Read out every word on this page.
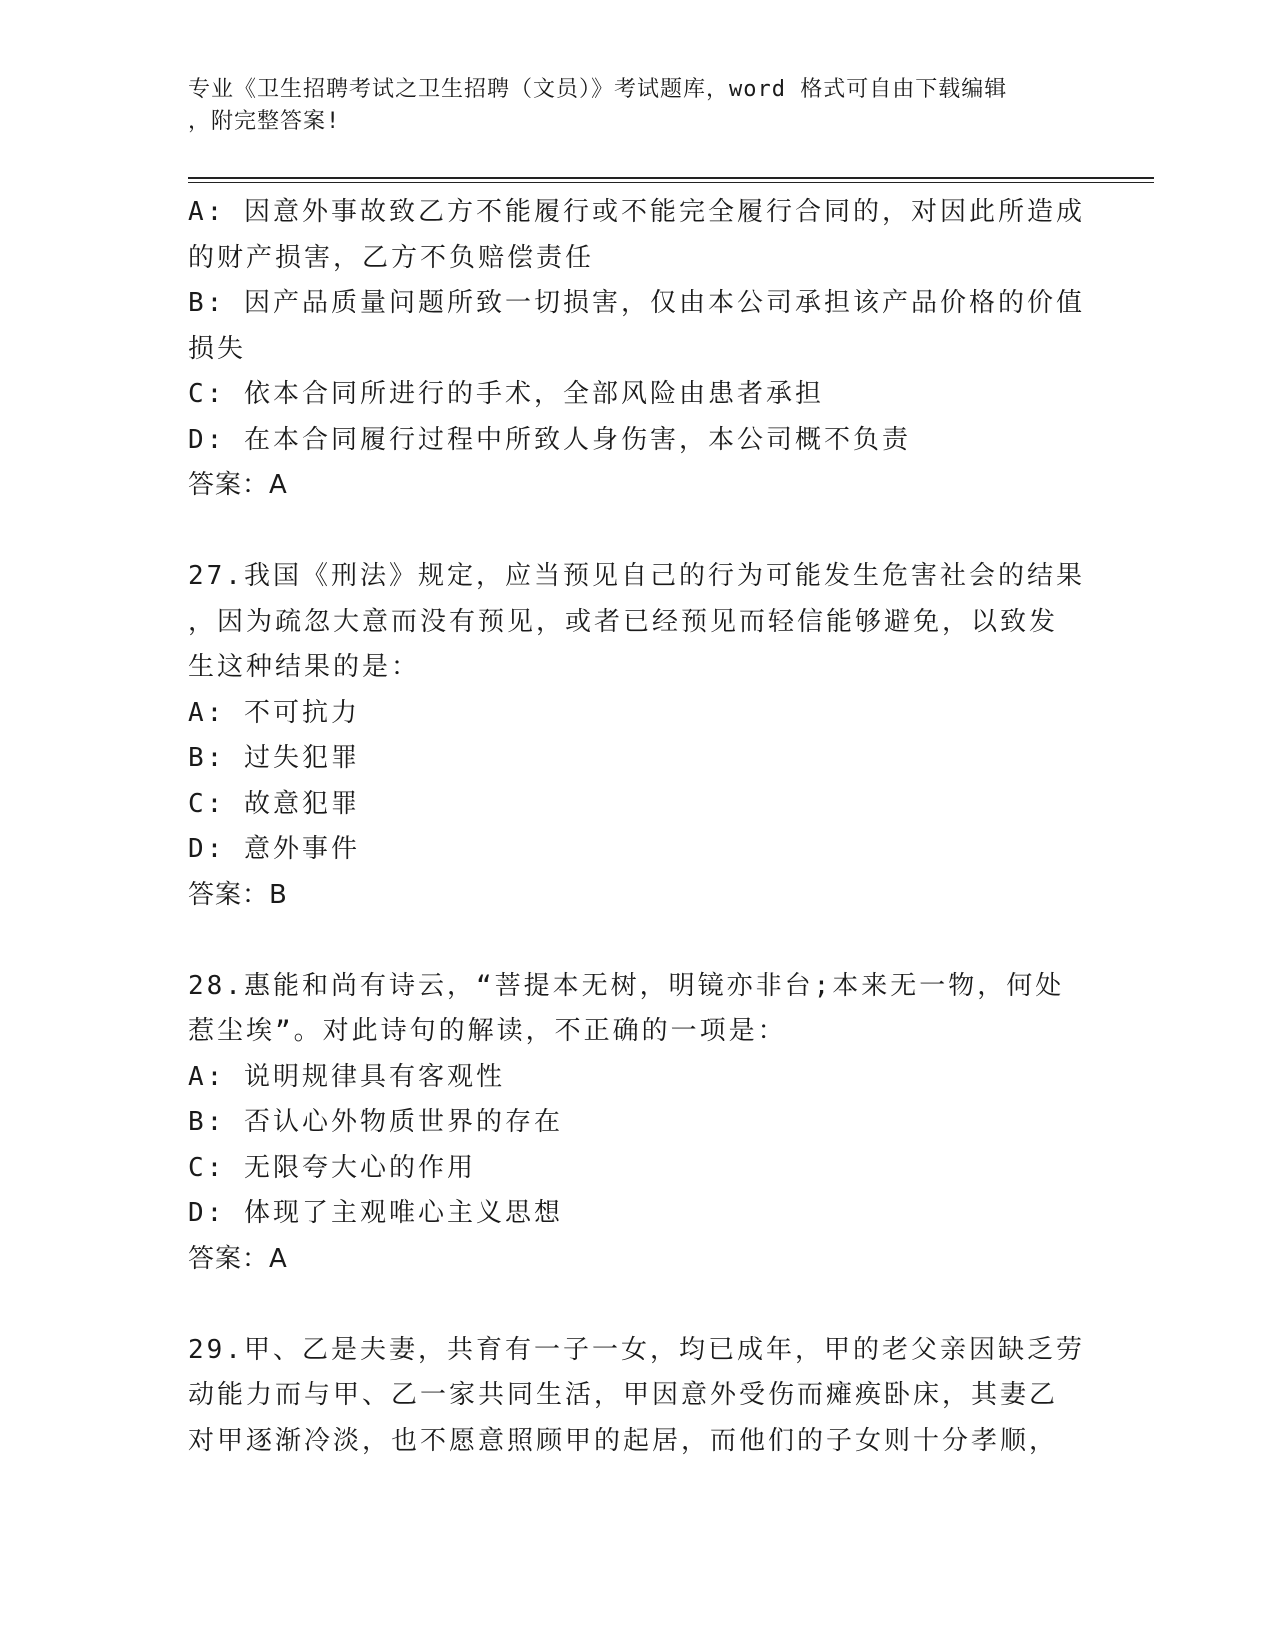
专业《卫生招聘考试之卫生招聘（文员）》考试题库，word 格式可自由下载编辑
，附完整答案!
A: 因意外事故致乙方不能履行或不能完全履行合同的，对因此所造成
的财产损害，乙方不负赔偿责任
B: 因产品质量问题所致一切损害，仅由本公司承担该产品价格的价值
损失
C: 依本合同所进行的手术，全部风险由患者承担
D: 在本合同履行过程中所致人身伤害，本公司概不负责
答案：A
27.我国《刑法》规定，应当预见自己的行为可能发生危害社会的结果
，因为疏忽大意而没有预见，或者已经预见而轻信能够避免，以致发
生这种结果的是：
A: 不可抗力
B: 过失犯罪
C: 故意犯罪
D: 意外事件
答案：B
28.惠能和尚有诗云，“菩提本无树，明镜亦非台;本来无一物，何处
惹尘埃”。对此诗句的解读，不正确的一项是：
A: 说明规律具有客观性
B: 否认心外物质世界的存在
C: 无限夸大心的作用
D: 体现了主观唯心主义思想
答案：A
29.甲、乙是夫妻，共育有一子一女，均已成年，甲的老父亲因缺乏劳
动能力而与甲、乙一家共同生活，甲因意外受伤而瘫痪卧床，其妻乙
对甲逐渐冷淡，也不愿意照顾甲的起居，而他们的子女则十分孝顺，
